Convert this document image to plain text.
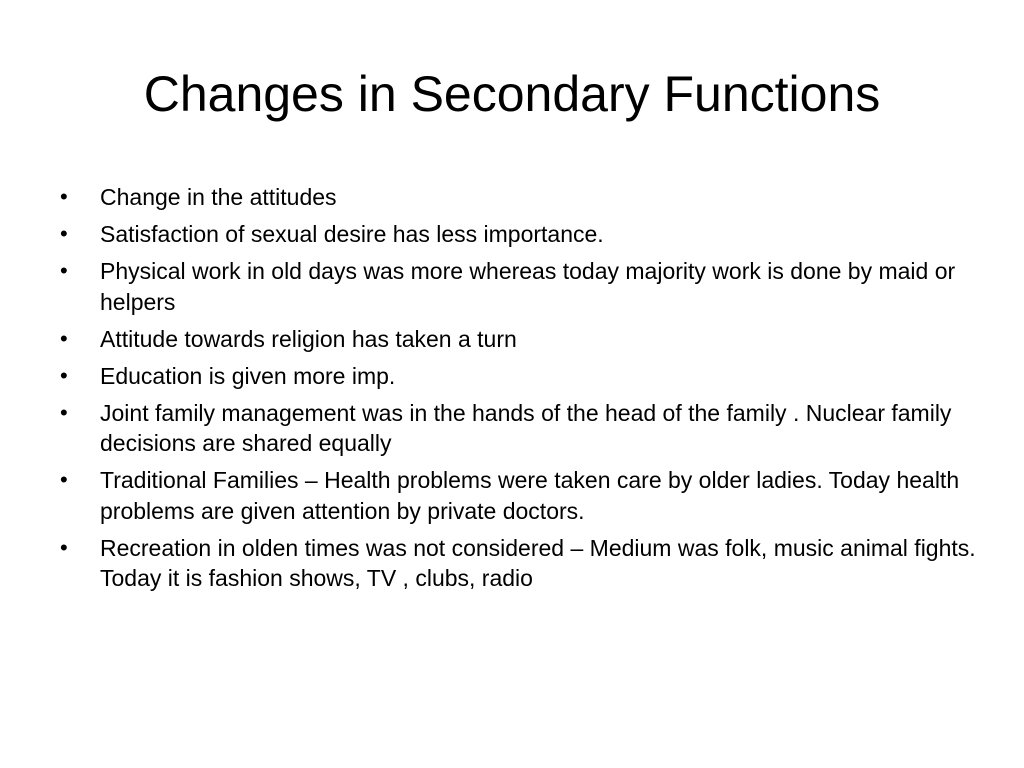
Changes in Secondary Functions
•	Change in the attitudes
•	Satisfaction of sexual desire has less importance.
•	Physical work in old days was more whereas today majority work is done by maid or helpers
•	Attitude towards religion has taken a turn
•	Education is given more imp.
•	Joint family management was in the hands of the head of the family . Nuclear family decisions are shared equally
•	Traditional Families – Health problems were taken care by older ladies. Today health problems are given attention by private doctors.
•	Recreation in olden times was not considered – Medium was folk, music animal fights. Today it is fashion shows, TV , clubs, radio
